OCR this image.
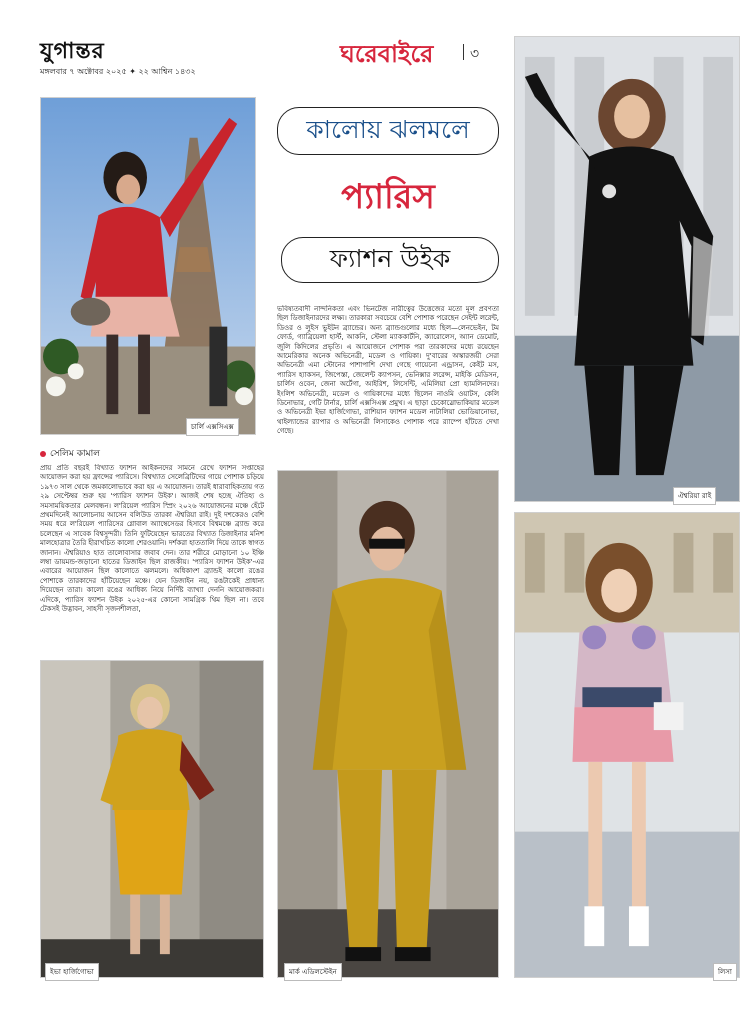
যুগান্তর
মঙ্গলবার ৭ অক্টোবর ২০২৫ ✦ ২২ আশ্বিন ১৪৩২
ঘরেবাইরে	৩
চার্লি এক্সসিএক্স
কালোয় ঝলমলে
প্যারিস
ফ্যাশন উইক
ঐশ্বরিয়া রাই
ভবিষ্যতবাদী নান্দনিকতা এবং ভিনটেজ নারীত্বের উত্তেজের মতো মূল প্রবণতা ছিল ডিজাইনারদের লক্ষ্য। তারকারা সবচেয়ে বেশি পোশাক পরেছেন সেইন্ট লরেন্ট, ডিওর ও লুইস ভুইটন ব্র্যান্ডের। অন্য ব্র্যান্ডগুলোর মধ্যে ছিল—লেনভেইন, টম ফোর্ড, গ্যাব্রিয়েলা হার্স্ট, আকনি, স্টেলা ম্যাককার্টনি, ক্যারোলেস, অ্যান ডেমোট, জুলি কিদিলের প্রভৃতি। এ আয়োজনে পোশাক পরা তারকাদের মধ্যে রয়েছেন আমেরিকার অনেক অভিনেত্রী, মডেল ও গায়িকা। দু'বারের অস্কারজয়ী সেরা অভিনেত্রী এমা স্টোনের পাশাপাশি দেখা গেছে গায়েনো এন্ড্রাসন, কেইট মস, প্যারিস হ্যাকসন, জিপেস্তা, জেলেন্ট ক্যাপসন, ভেনিক্সার লরেন্স, মাইকি মেডিসন, চার্লিস ওবেন, জেনা অর্টেগা, আইরিশ, লিসেন্টি, এমিলিয়া প্রো হ্যামলিনদের। ইংলিশ অভিনেত্রী, মডেল ও গায়িকাদের মধ্যে ছিলেন নাওমি ওয়াটস, কেলি ডিনোভার, গেটি টার্নার, চার্লি এক্সসিএক্স প্রমুখ। এ ছাড়া চেকোস্লোভাকিয়ার মডেল ও অভিনেত্রী ইভা হার্জিগোভা, রাশিয়ান ফ্যাশন মডেল নাটালিয়া ভোডিয়ানোভা, থাইল্যান্ডের র‍্যাপার ও অভিনেত্রী লিসাকেও পোশাক পরে র‍্যাম্পে হাঁটতে দেখা গেছে।
সেলিম কামাল
প্রায় প্রতি বছরই বিখ্যাত ফ্যাশন আইকনদের সামনে রেখে ফ্যাশন সপ্তাহের আয়োজন করা হয় ফ্রান্সের প্যারিসে। বিশ্বখ্যাত সেলেব্রিটিদের গায়ে পোশাক চড়িয়ে ১৯৭৩ সাল থেকে জমকালোভাবে করা হয় এ আয়োজন। তারই ধারাবাহিকতায় গত ২৯ সেপ্টেম্বর শুরু হয় 'প্যারিস ফ্যাশন উইক'। আজই শেষ হচ্ছে ঐতিহ্য ও সমসাময়িকতার মেলবন্ধন। ল'রিয়েল প্যারিস স্প্রিং ২০২৬ আয়োজনের মঞ্চে হেঁটে প্রথমদিনেই আলোচনায় আসেন বলিউড তারকা ঐশ্বরিয়া রাই। দুই দশকেরও বেশি সময় ধরে ল'রিয়েল প্যারিসের গ্লোবাল অ্যাম্বেসেডর হিসাবে বিশ্বমঞ্চে ব্র্যান্ড করে চলেছেন এ সাবেক বিশ্বসুন্দরী। তিনি ফুটিয়েছেন ভারতের বিখ্যাত ডিজাইনার মনিশ মালহোত্রার তৈরি হীরাখচিত কালো শেরওয়ানি। দর্শকরা হাততালি দিয়ে তাকে স্বাগত জানান। ঐশ্বরিয়াও হাত তালোবাসার জবাব দেন। তার শরীরে মোড়ানো ১০ ইঞ্চি লম্বা ডায়মন্ড-জড়ানো হাতের ডিজাইন ছিল রাজকীয়। 'প্যারিস ফ্যাশন উইক'-এর এবারের আয়োজন ছিল কালোতে ঝলমলে। অধিকাংশ ব্র্যান্ডই কালো রঙের পোশাকে তারকাদের হাঁটিয়েছেন মঞ্চে। যেন ডিজাইন নয়, রঙটাকেই প্রাধান্য দিয়েছেন তারা। কালো রঙের আধিক্য নিয়ে নির্দিষ্ট ব্যাখ্যা দেননি আয়োজকরা। এদিকে, প্যারিস ফ্যাশন উইক ২০২৫-এর কোনো সামগ্রিক থিম ছিল না। তবে টেকসই উদ্ভাবন, সাহসী সৃজনশীলতা,
মার্ক এডিলস্টেইন
ইভা হার্জিগোভা	লিসা
